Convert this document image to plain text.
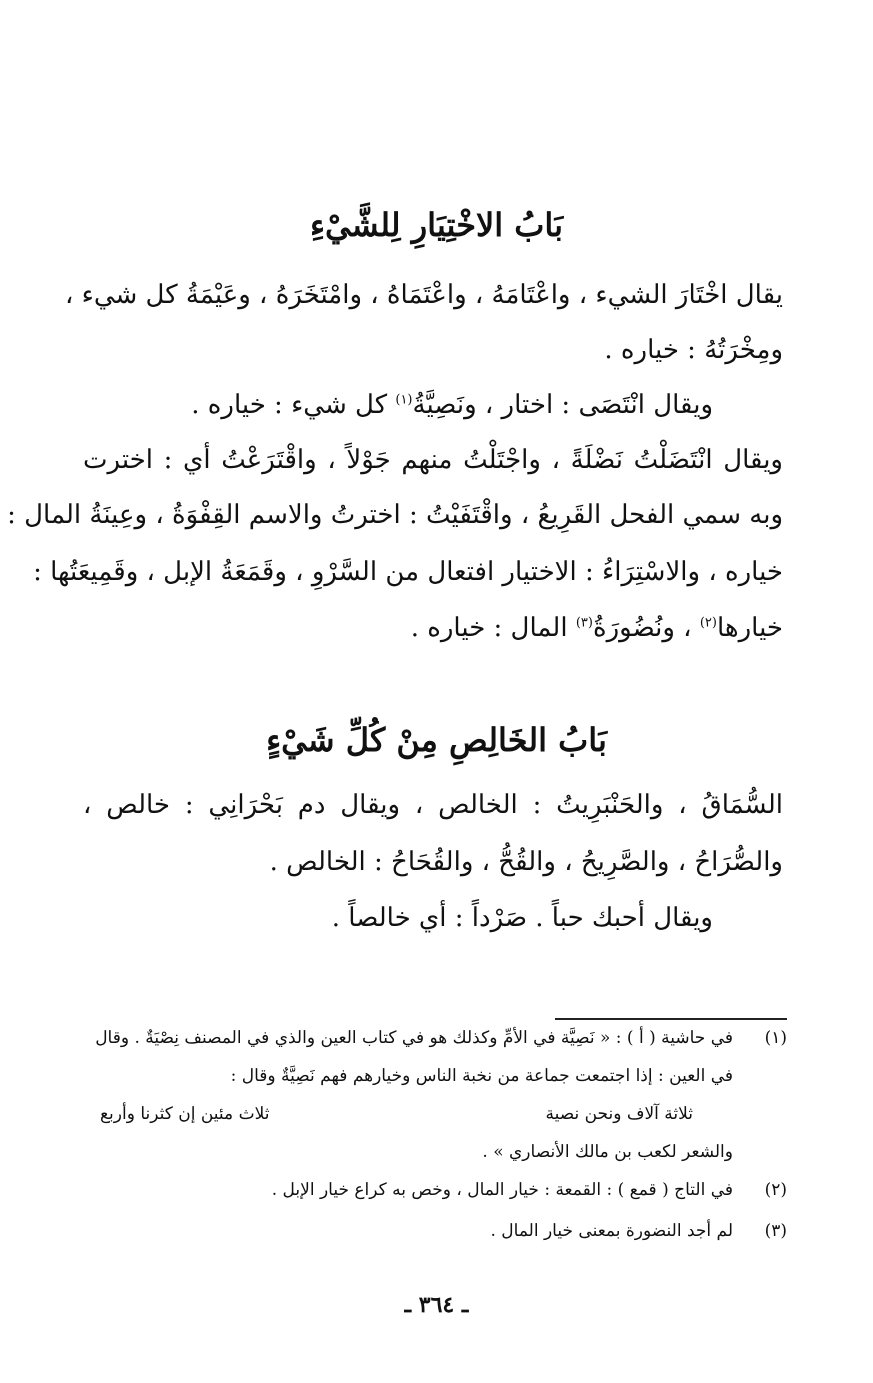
بَابُ الاخْتِيَارِ لِلشَّيْءِ
يقال اخْتَارَ الشيء ، واعْتَامَهُ ، واعْتَمَاهُ ، وامْتَخَرَهُ ، وعَيْمَةُ كل شيء ،
ومِخْرَتُهُ : خياره .
ويقال انْتَصَى : اختار ، ونَصِيَّةُ$^{(١)}$ كل شيء : خياره .
ويقال انْتَضَلْتُ نَضْلَةً ، واجْتَلْتُ منهم جَوْلاً ، واقْتَرَعْتُ أي : اخترت
وبه سمي الفحل القَرِيعُ ، واقْتَفَيْتُ : اخترتُ والاسم القِفْوَةُ ، وعِينَةُ المال :
خياره ، والاسْتِرَاءُ : الاختيار افتعال من السَّرْوِ ، وقَمَعَةُ الإبل ، وقَمِيعَتُها :
خيارها$^{(٢)}$ ، ونُضُورَةُ$^{(٣)}$ المال : خياره .
بَابُ الخَالِصِ مِنْ كُلِّ شَيْءٍ
السُّمَاقُ ، والحَنْبَرِيتُ : الخالص ، ويقال دم بَحْرَانِي : خالص ،
والصُّرَاحُ ، والصَّرِيحُ ، والقُحُّ ، والقُحَاحُ : الخالص .
ويقال أحبك حباً . صَرْداً : أي خالصاً .
(١)
في حاشية ( أ ) : « نَصِيَّة في الأمِّ وكذلك هو في كتاب العين والذي في المصنف نِصْيَةٌ . وقال
في العين : إذا اجتمعت جماعة من نخبة الناس وخيارهم فهم نَصِيَّةٌ وقال :
ثلاثة آلاف ونحن نصية
ثلاث مئين إن كثرنا وأربع
والشعر لكعب بن مالك الأنصاري » .
(٢)
في التاج ( قمع ) : القمعة : خيار المال ، وخص به كراع خيار الإبل .
(٣)
لم أجد النضورة بمعنى خيار المال .
ـ ٣٦٤ ـ
